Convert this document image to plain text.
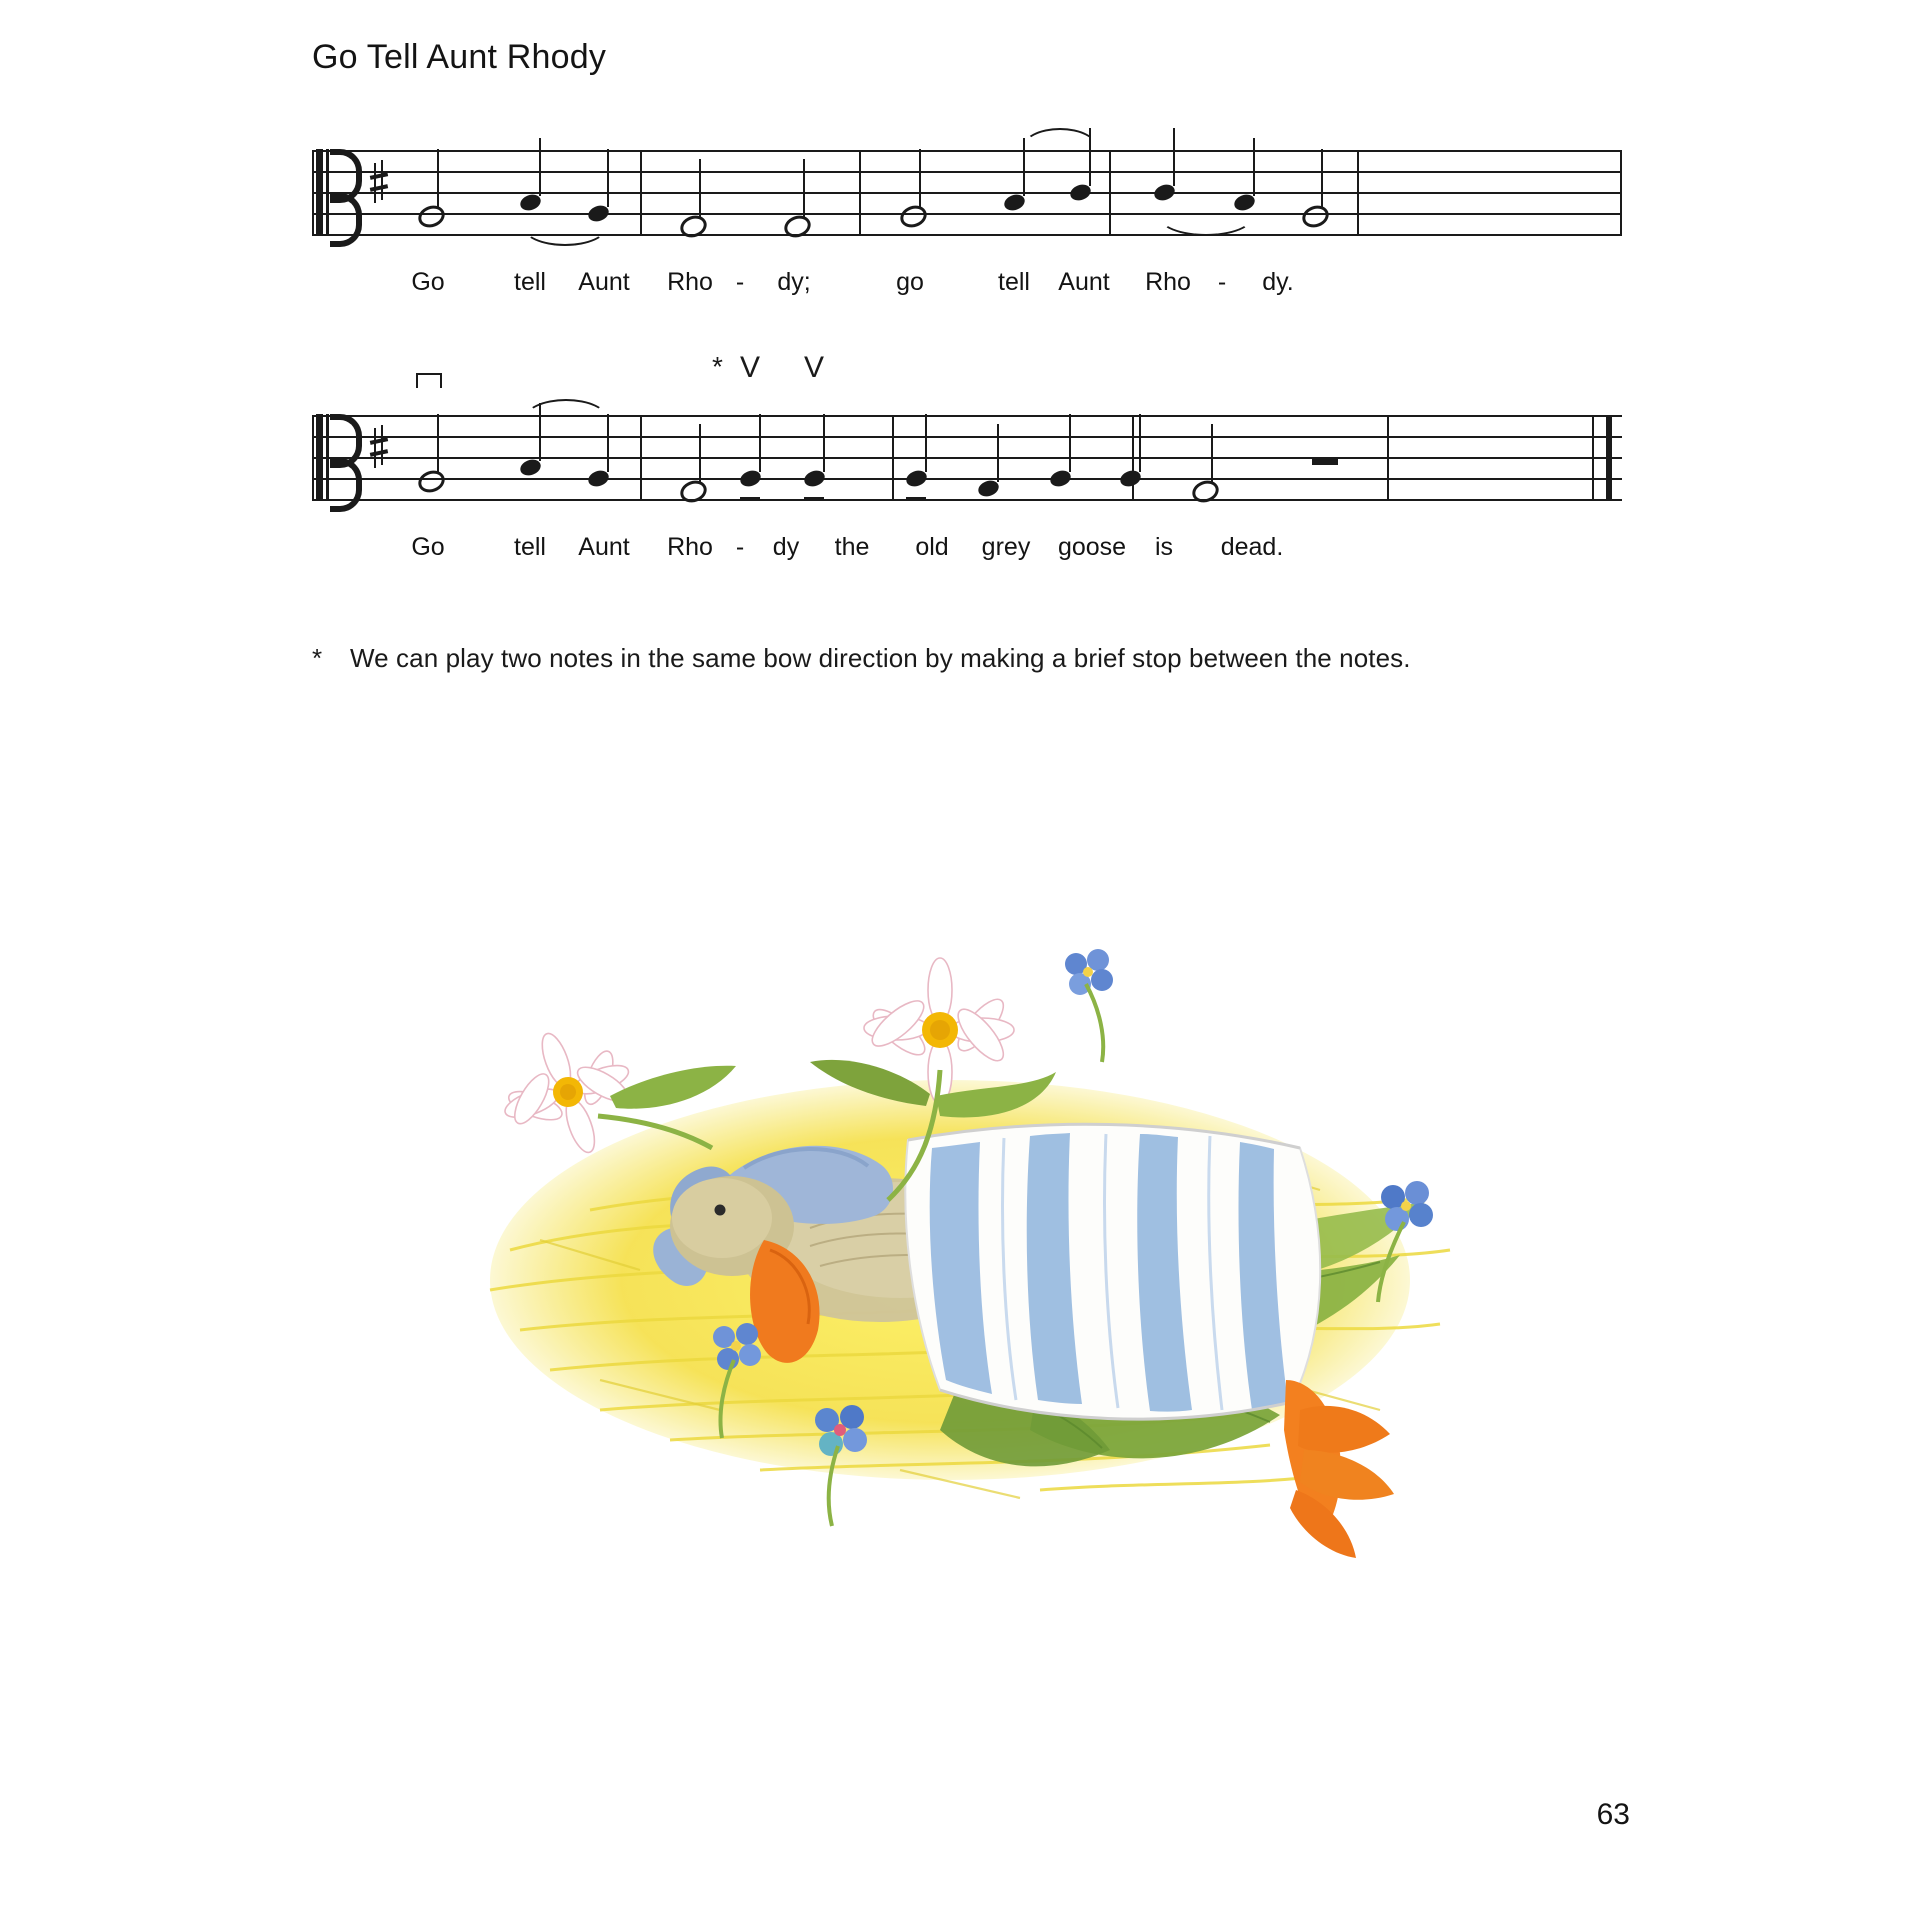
Go Tell Aunt Rhody
Go	tell Aunt Rho - dy;	go	tell Aunt Rho - dy.
* V V
Go	tell Aunt Rho - dy the old grey goose is dead.
* We can play two notes in the same bow direction by making a brief stop between the notes.
63
